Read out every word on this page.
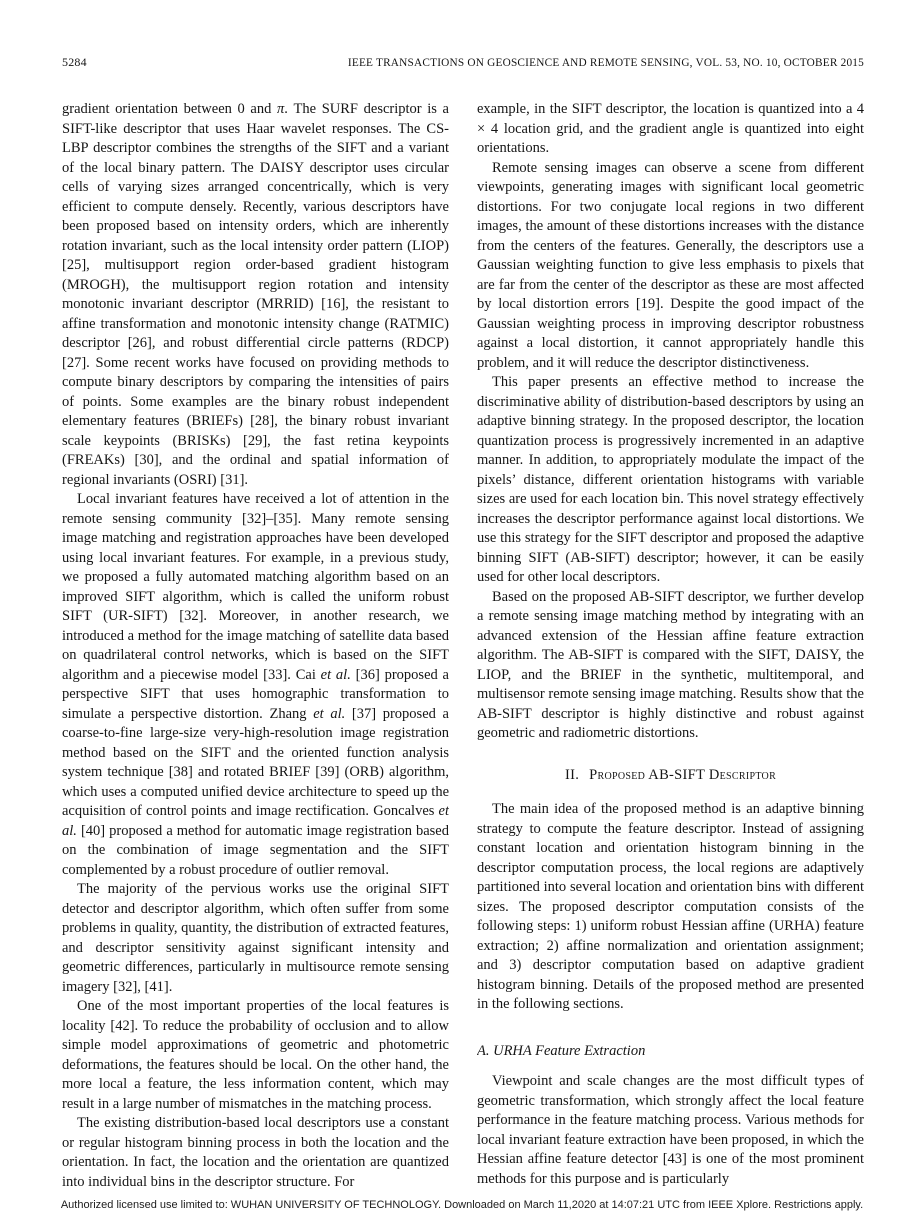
5284	IEEE TRANSACTIONS ON GEOSCIENCE AND REMOTE SENSING, VOL. 53, NO. 10, OCTOBER 2015

gradient orientation between 0 and π. The SURF descriptor is a SIFT-like descriptor that uses Haar wavelet responses. The CS-LBP descriptor combines the strengths of the SIFT and a variant of the local binary pattern. The DAISY descriptor uses circular cells of varying sizes arranged concentrically, which is very efficient to compute densely. Recently, various descriptors have been proposed based on intensity orders, which are inherently rotation invariant, such as the local intensity order pattern (LIOP) [25], multisupport region order-based gradient histogram (MROGH), the multisupport region rotation and intensity monotonic invariant descriptor (MRRID) [16], the resistant to affine transformation and monotonic intensity change (RATMIC) descriptor [26], and robust differential circle patterns (RDCP) [27]. Some recent works have focused on providing methods to compute binary descriptors by comparing the intensities of pairs of points. Some examples are the binary robust independent elementary features (BRIEFs) [28], the binary robust invariant scale keypoints (BRISKs) [29], the fast retina keypoints (FREAKs) [30], and the ordinal and spatial information of regional invariants (OSRI) [31].

Local invariant features have received a lot of attention in the remote sensing community [32]–[35]. Many remote sensing image matching and registration approaches have been developed using local invariant features. For example, in a previous study, we proposed a fully automated matching algorithm based on an improved SIFT algorithm, which is called the uniform robust SIFT (UR-SIFT) [32]. Moreover, in another research, we introduced a method for the image matching of satellite data based on quadrilateral control networks, which is based on the SIFT algorithm and a piecewise model [33]. Cai et al. [36] proposed a perspective SIFT that uses homographic transformation to simulate a perspective distortion. Zhang et al. [37] proposed a coarse-to-fine large-size very-high-resolution image registration method based on the SIFT and the oriented function analysis system technique [38] and rotated BRIEF [39] (ORB) algorithm, which uses a computed unified device architecture to speed up the acquisition of control points and image rectification. Goncalves et al. [40] proposed a method for automatic image registration based on the combination of image segmentation and the SIFT complemented by a robust procedure of outlier removal.

The majority of the pervious works use the original SIFT detector and descriptor algorithm, which often suffer from some problems in quality, quantity, the distribution of extracted features, and descriptor sensitivity against significant intensity and geometric differences, particularly in multisource remote sensing imagery [32], [41].

One of the most important properties of the local features is locality [42]. To reduce the probability of occlusion and to allow simple model approximations of geometric and photometric deformations, the features should be local. On the other hand, the more local a feature, the less information content, which may result in a large number of mismatches in the matching process.

The existing distribution-based local descriptors use a constant or regular histogram binning process in both the location and the orientation. In fact, the location and the orientation are quantized into individual bins in the descriptor structure. For

example, in the SIFT descriptor, the location is quantized into a 4 × 4 location grid, and the gradient angle is quantized into eight orientations.

Remote sensing images can observe a scene from different viewpoints, generating images with significant local geometric distortions. For two conjugate local regions in two different images, the amount of these distortions increases with the distance from the centers of the features. Generally, the descriptors use a Gaussian weighting function to give less emphasis to pixels that are far from the center of the descriptor as these are most affected by local distortion errors [19]. Despite the good impact of the Gaussian weighting process in improving descriptor robustness against a local distortion, it cannot appropriately handle this problem, and it will reduce the descriptor distinctiveness.

This paper presents an effective method to increase the discriminative ability of distribution-based descriptors by using an adaptive binning strategy. In the proposed descriptor, the location quantization process is progressively incremented in an adaptive manner. In addition, to appropriately modulate the impact of the pixels’ distance, different orientation histograms with variable sizes are used for each location bin. This novel strategy effectively increases the descriptor performance against local distortions. We use this strategy for the SIFT descriptor and proposed the adaptive binning SIFT (AB-SIFT) descriptor; however, it can be easily used for other local descriptors.

Based on the proposed AB-SIFT descriptor, we further develop a remote sensing image matching method by integrating with an advanced extension of the Hessian affine feature extraction algorithm. The AB-SIFT is compared with the SIFT, DAISY, the LIOP, and the BRIEF in the synthetic, multitemporal, and multisensor remote sensing image matching. Results show that the AB-SIFT descriptor is highly distinctive and robust against geometric and radiometric distortions.

II. Proposed AB-SIFT Descriptor

The main idea of the proposed method is an adaptive binning strategy to compute the feature descriptor. Instead of assigning constant location and orientation histogram binning in the descriptor computation process, the local regions are adaptively partitioned into several location and orientation bins with different sizes. The proposed descriptor computation consists of the following steps: 1) uniform robust Hessian affine (URHA) feature extraction; 2) affine normalization and orientation assignment; and 3) descriptor computation based on adaptive gradient histogram binning. Details of the proposed method are presented in the following sections.

A. URHA Feature Extraction

Viewpoint and scale changes are the most difficult types of geometric transformation, which strongly affect the local feature performance in the feature matching process. Various methods for local invariant feature extraction have been proposed, in which the Hessian affine feature detector [43] is one of the most prominent methods for this purpose and is particularly

Authorized licensed use limited to: WUHAN UNIVERSITY OF TECHNOLOGY. Downloaded on March 11,2020 at 14:07:21 UTC from IEEE Xplore. Restrictions apply.
